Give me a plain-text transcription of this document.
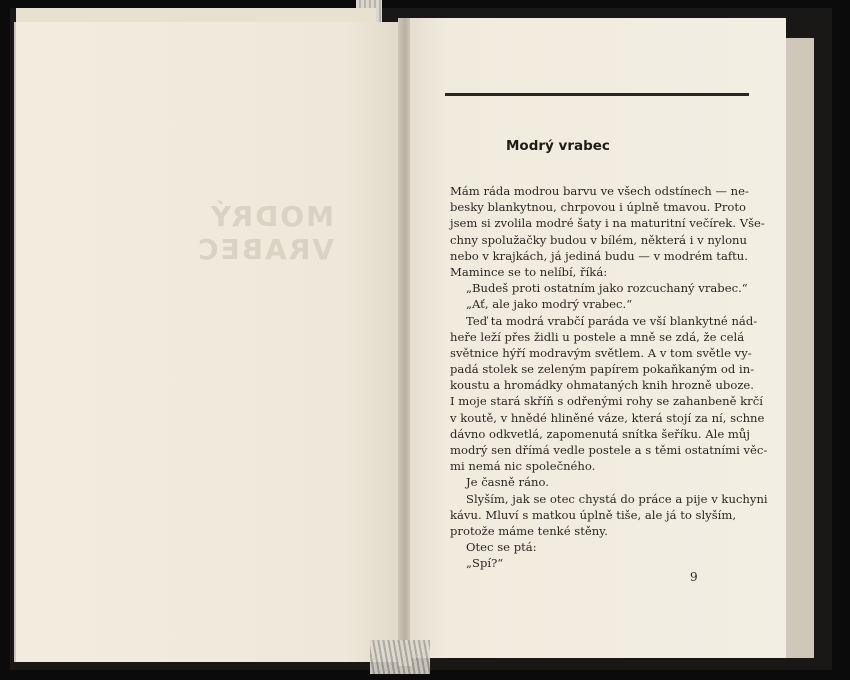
MODRÝ VRABEC
Modrý vrabec
Mám ráda modrou barvu ve všech odstínech — ne-
besky blankytnou, chrpovou i úplně tmavou. Proto
jsem si zvolila modré šaty i na maturitní večírek. Vše-
chny spolužačky budou v bílém, některá i v nylonu
nebo v krajkách, já jediná budu — v modrém taftu.
Mamince se to nelíbí, říká:
„Budeš proti ostatním jako rozcuchaný vrabec.“
„Ať, ale jako modrý vrabec.“
Teď ta modrá vrabčí paráda ve vší blankytné nád-
heře leží přes židli u postele a mně se zdá, že celá
světnice hýří modravým světlem. A v tom světle vy-
padá stolek se zeleným papírem pokaňkaným od in-
koustu a hromádky ohmataných knih hrozně uboze.
I moje stará skříň s odřenými rohy se zahanbeně krčí
v koutě, v hnědé hliněné váze, která stojí za ní, schne
dávno odkvetlá, zapomenutá snítka šeříku. Ale můj
modrý sen dřímá vedle postele a s těmi ostatními věc-
mi nemá nic společného.
Je časně ráno.
Slyším, jak se otec chystá do práce a pije v kuchyni
kávu. Mluví s matkou úplně tiše, ale já to slyším,
protože máme tenké stěny.
Otec se ptá:
„Spí?“
9
